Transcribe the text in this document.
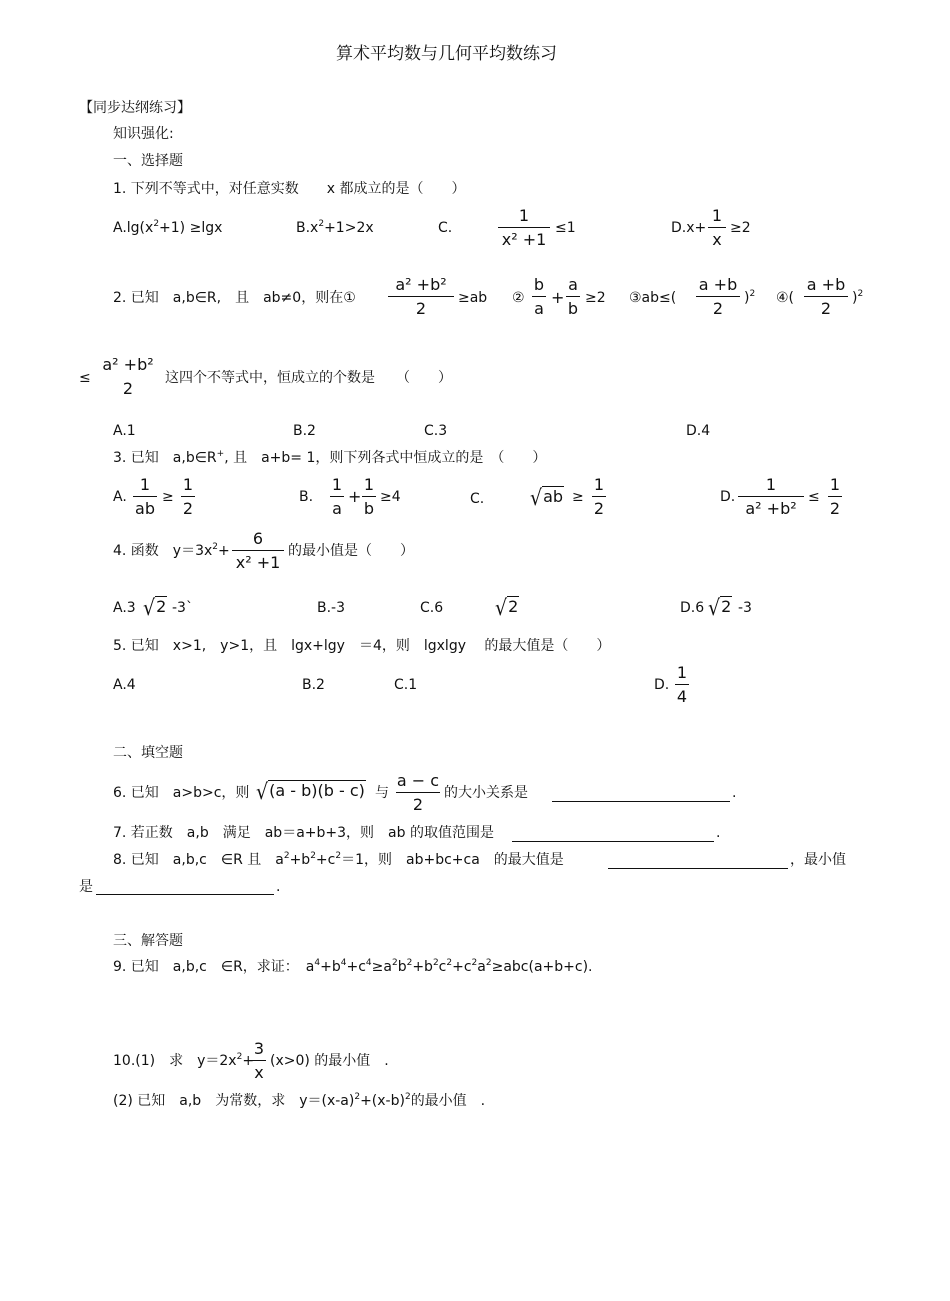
算术平均数与几何平均数练习
【同步达纲练习】
知识强化:
一、选择题
1. 下列不等式中，对任意实数　　x 都成立的是（　　）
$A.\lg(x^2+1) \ge\lg x$	$B.x^2+1>2x$	C.
1
x² +1
≤1	D.x+
1
x
≥2
2. 已知　a,b∈R,　且　ab≠0，则在①
a² +b²
2
≥ab ②
b
a
+
a
b
≥2 ③ab≤(
a +b
2
)$^2$ ④(
a +b
2
)$^2$
≤
a² +b²
2
这四个不等式中，恒成立的个数是　　（　　）
A.1	B.2	C.3	D.4
3. 已知　a,b∈R+, 且　a+b= 1，则下列各式中恒成立的是　（　　）
A.
1
ab
≥
1
2
B.
1
a
+
1
b
≥4	C. √ab ≥
1
2
D.
1
a² +b²
≤
1
2
4. 函数　$y=3x^2+$
6
x² +1
的最小值是（　　）
A.3 √2 -3`	B.-3	C.6	√2	D.6 √2 -3
5. 已知　x>1,　y>1，且　lgx+lgy　＝4，则　lgxlgy　 的最大值是（　　）
A.4	B.2	C.1	D.
1
4
二、填空题
6. 已知　a>b>c，则 √(a - b)(b - c) 与
a − c
2
的大小关系是	.
7. 若正数　a,b　满足　ab＝a+b+3，则　ab 的取值范围是	.
8. 已知　a,b,c　∈R 且　$a^2+b^2+c^2=1$，则　ab+bc+ca　的最大值是	，最小值
是	.
三、解答题
9. 已知　a,b,c　∈R，求证：　$a^4+b^4+c^4\ge a^2b^2+b^2c^2+c^2a^2\ge abc(a+b+c)$.
10.(1)　求　$y=2x^2+$
3
x
(x>0) 的最小值　.
(2) 已知　a,b　为常数，求　$y=(x-a)^2+(x-b)^2$的最小值　.
